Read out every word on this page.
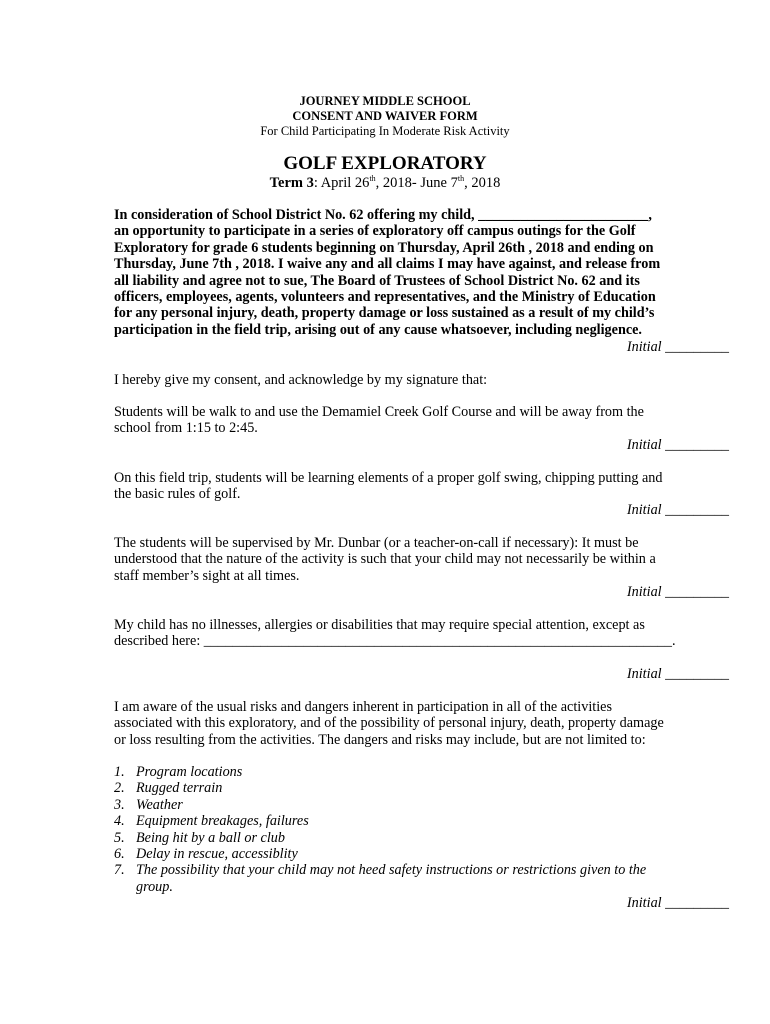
JOURNEY MIDDLE SCHOOL
CONSENT AND WAIVER FORM
For Child Participating In Moderate Risk Activity
GOLF EXPLORATORY
Term 3: April 26th, 2018- June 7th, 2018
In consideration of School District No. 62 offering my child, ________________________,
an opportunity to participate in a series of exploratory off campus outings for the Golf
Exploratory for grade 6 students beginning on Thursday, April 26th , 2018 and ending on
Thursday, June 7th , 2018. I waive any and all claims I may have against, and release from
all liability and agree not to sue, The Board of Trustees of School District No. 62 and its
officers, employees, agents, volunteers and representatives, and the Ministry of Education
for any personal injury, death, property damage or loss sustained as a result of my child’s
participation in the field trip, arising out of any cause whatsoever, including negligence.
Initial _________
I hereby give my consent, and acknowledge by my signature that:
Students will be walk to and use the Demamiel Creek Golf Course and will be away from the
school from 1:15 to 2:45.
Initial _________
On this field trip, students will be learning elements of a proper golf swing, chipping putting and
the basic rules of golf.
Initial _________
The students will be supervised by Mr. Dunbar (or a teacher-on-call if necessary): It must be
understood that the nature of the activity is such that your child may not necessarily be within a
staff member’s sight at all times.
Initial _________
My child has no illnesses, allergies or disabilities that may require special attention, except as
described here: __________________________________________________________________.
Initial _________
I am aware of the usual risks and dangers inherent in participation in all of the activities
associated with this exploratory, and of the possibility of personal injury, death, property damage
or loss resulting from the activities. The dangers and risks may include, but are not limited to:
1. Program locations
2. Rugged terrain
3. Weather
4. Equipment breakages, failures
5. Being hit by a ball or club
6. Delay in rescue, accessiblity
7. The possibility that your child may not heed safety instructions or restrictions given to the group.
Initial _________
